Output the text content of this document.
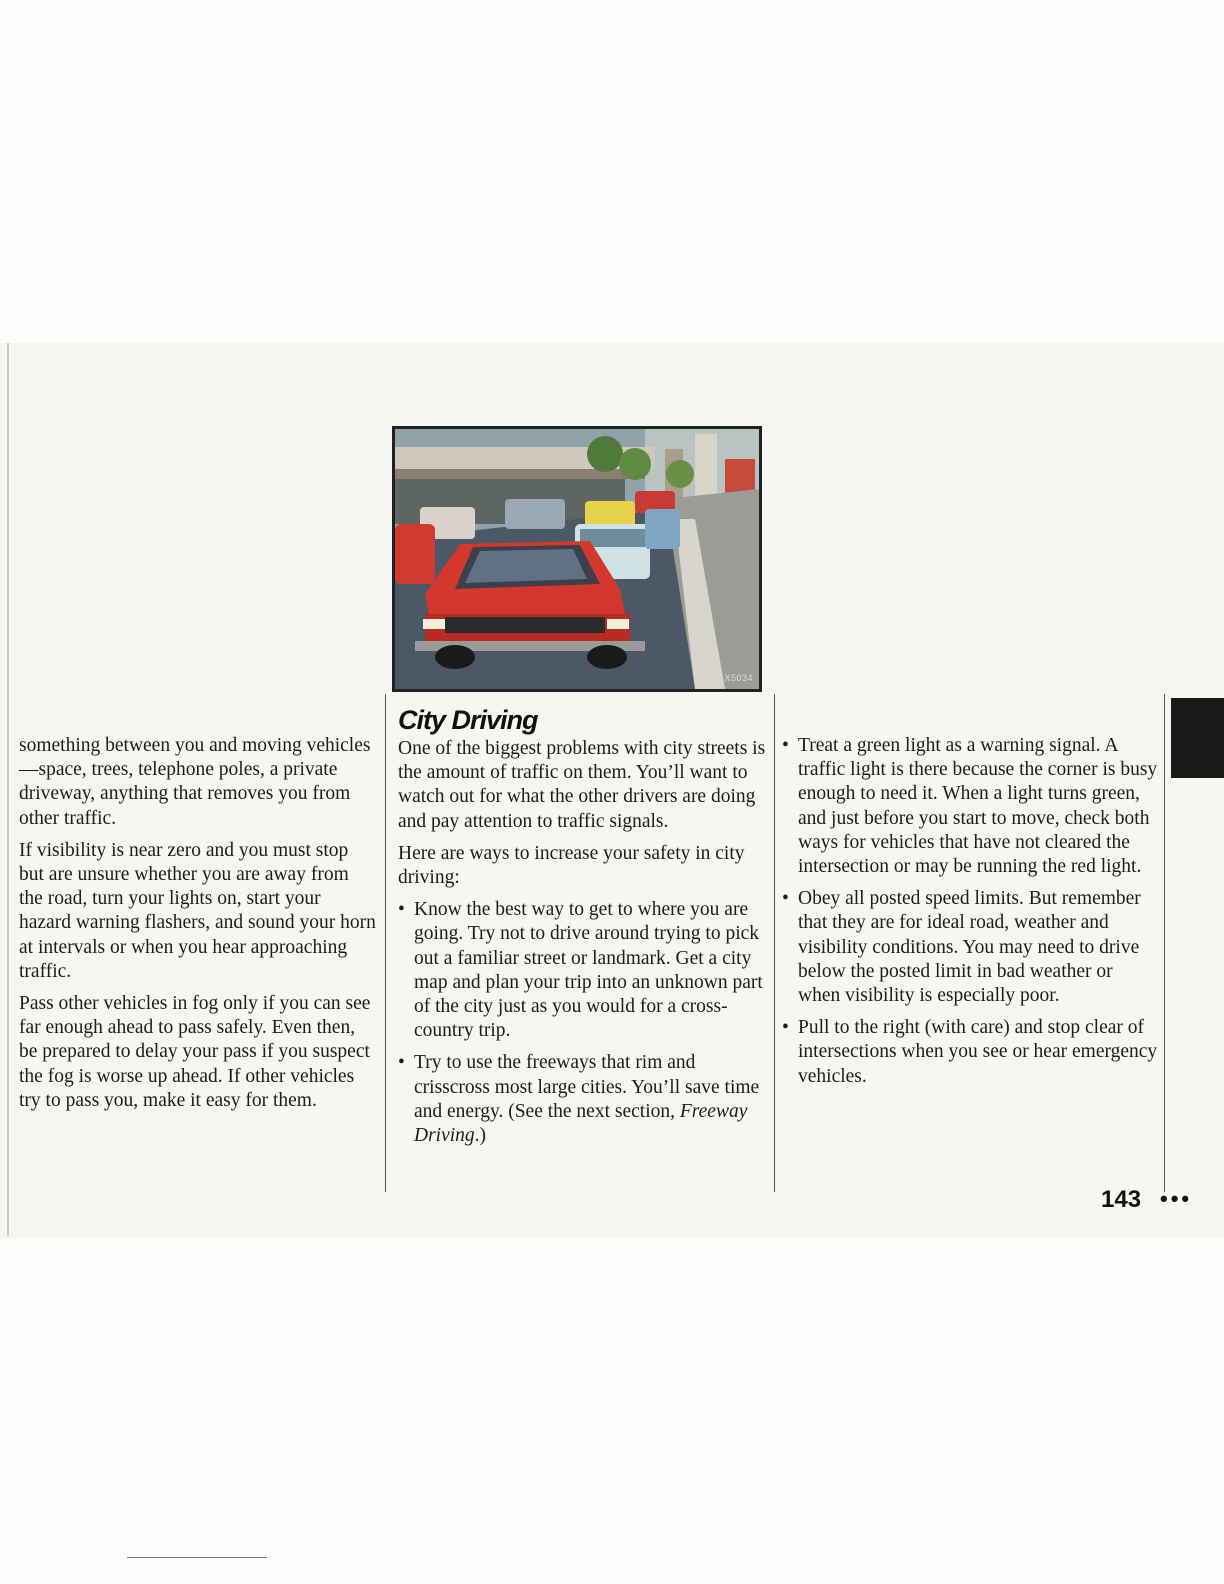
X5034

something between you and moving vehicles—space, trees, telephone poles, a private driveway, anything that removes you from other traffic.

If visibility is near zero and you must stop but are unsure whether you are away from the road, turn your lights on, start your hazard warning flashers, and sound your horn at intervals or when you hear approaching traffic.

Pass other vehicles in fog only if you can see far enough ahead to pass safely. Even then, be prepared to delay your pass if you suspect the fog is worse up ahead. If other vehicles try to pass you, make it easy for them.

City Driving

One of the biggest problems with city streets is the amount of traffic on them. You’ll want to watch out for what the other drivers are doing and pay attention to traffic signals.

Here are ways to increase your safety in city driving:

• Know the best way to get to where you are going. Try not to drive around trying to pick out a familiar street or landmark. Get a city map and plan your trip into an unknown part of the city just as you would for a cross-country trip.
• Try to use the freeways that rim and crisscross most large cities. You’ll save time and energy. (See the next section, Freeway Driving.)
• Treat a green light as a warning signal. A traffic light is there because the corner is busy enough to need it. When a light turns green, and just before you start to move, check both ways for vehicles that have not cleared the intersection or may be running the red light.
• Obey all posted speed limits. But remember that they are for ideal road, weather and visibility conditions. You may need to drive below the posted limit in bad weather or when visibility is especially poor.
• Pull to the right (with care) and stop clear of intersections when you see or hear emergency vehicles.
143 •••
